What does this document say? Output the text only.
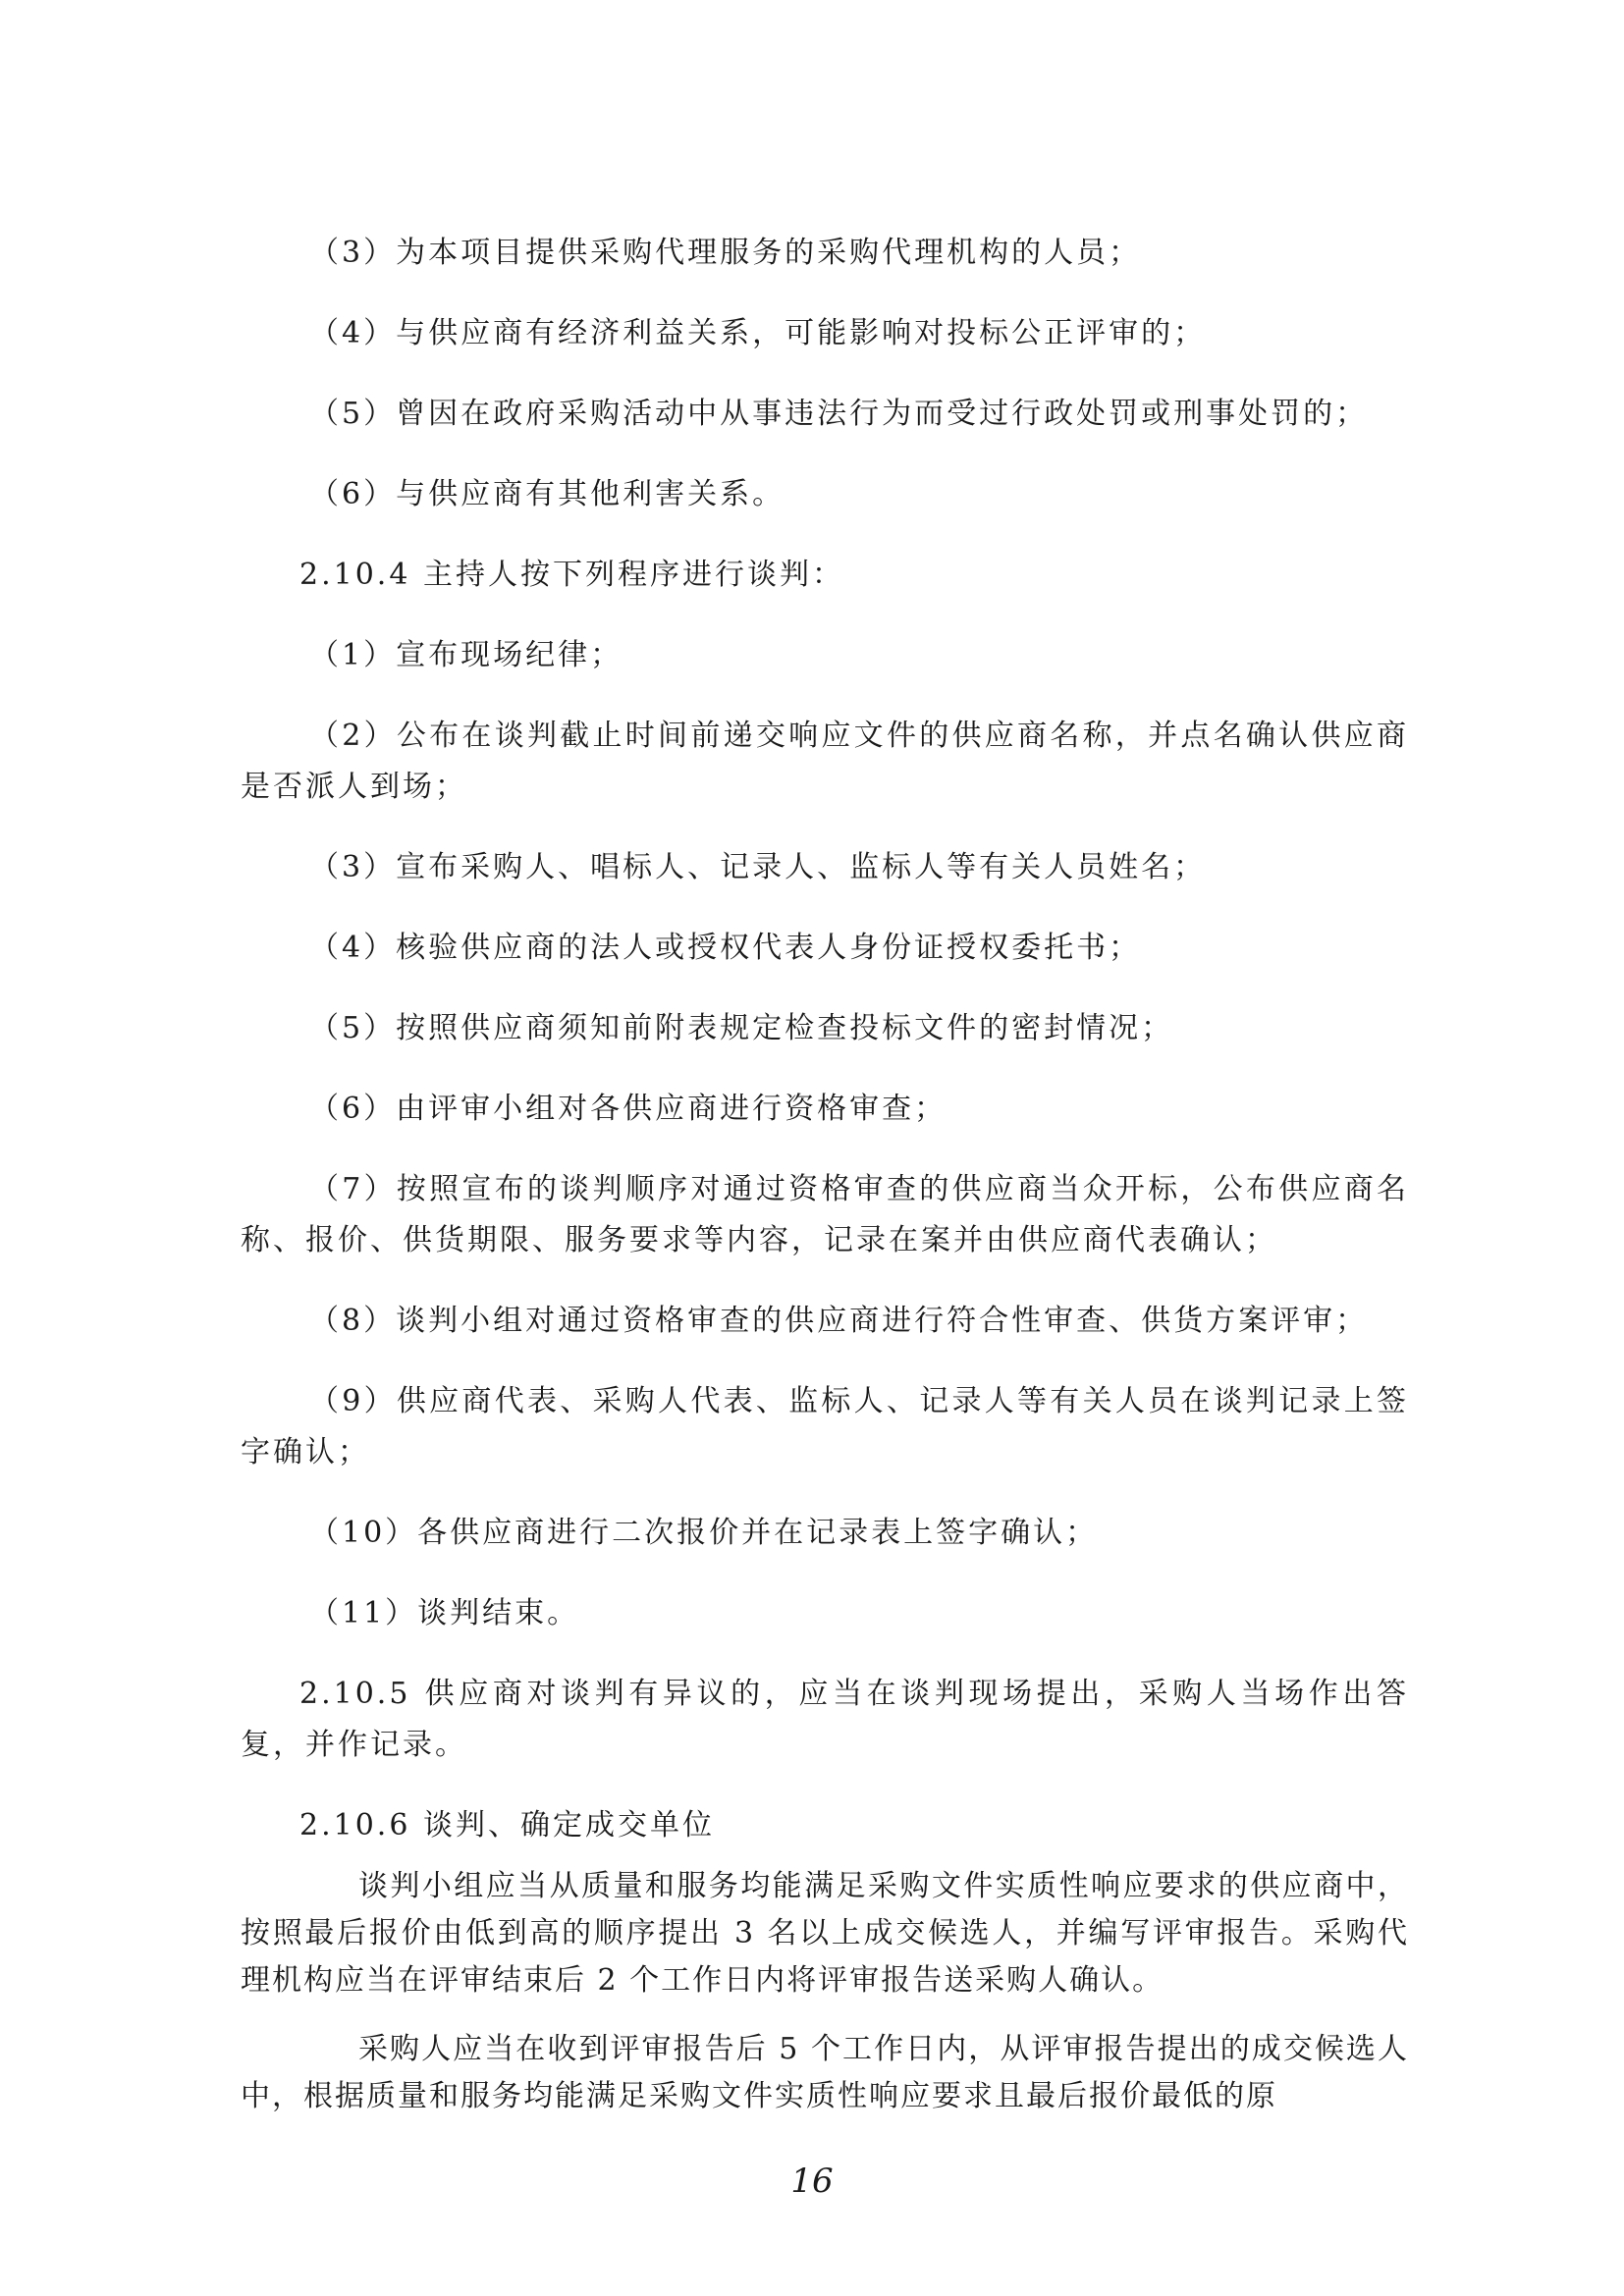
（3）为本项目提供采购代理服务的采购代理机构的人员；

（4）与供应商有经济利益关系，可能影响对投标公正评审的；

（5）曾因在政府采购活动中从事违法行为而受过行政处罚或刑事处罚的；

（6）与供应商有其他利害关系。

2.10.4 主持人按下列程序进行谈判：

（1）宣布现场纪律；

（2）公布在谈判截止时间前递交响应文件的供应商名称，并点名确认供应商是否派人到场；

（3）宣布采购人、唱标人、记录人、监标人等有关人员姓名；

（4）核验供应商的法人或授权代表人身份证授权委托书；

（5）按照供应商须知前附表规定检查投标文件的密封情况；

（6）由评审小组对各供应商进行资格审查；

（7）按照宣布的谈判顺序对通过资格审查的供应商当众开标，公布供应商名称、报价、供货期限、服务要求等内容，记录在案并由供应商代表确认；

（8）谈判小组对通过资格审查的供应商进行符合性审查、供货方案评审；

（9）供应商代表、采购人代表、监标人、记录人等有关人员在谈判记录上签字确认；

（10）各供应商进行二次报价并在记录表上签字确认；

（11）谈判结束。

2.10.5 供应商对谈判有异议的，应当在谈判现场提出，采购人当场作出答复，并作记录。

2.10.6 谈判、确定成交单位

谈判小组应当从质量和服务均能满足采购文件实质性响应要求的供应商中，按照最后报价由低到高的顺序提出 3 名以上成交候选人，并编写评审报告。采购代理机构应当在评审结束后 2 个工作日内将评审报告送采购人确认。

采购人应当在收到评审报告后 5 个工作日内，从评审报告提出的成交候选人中，根据质量和服务均能满足采购文件实质性响应要求且最后报价最低的原

16
